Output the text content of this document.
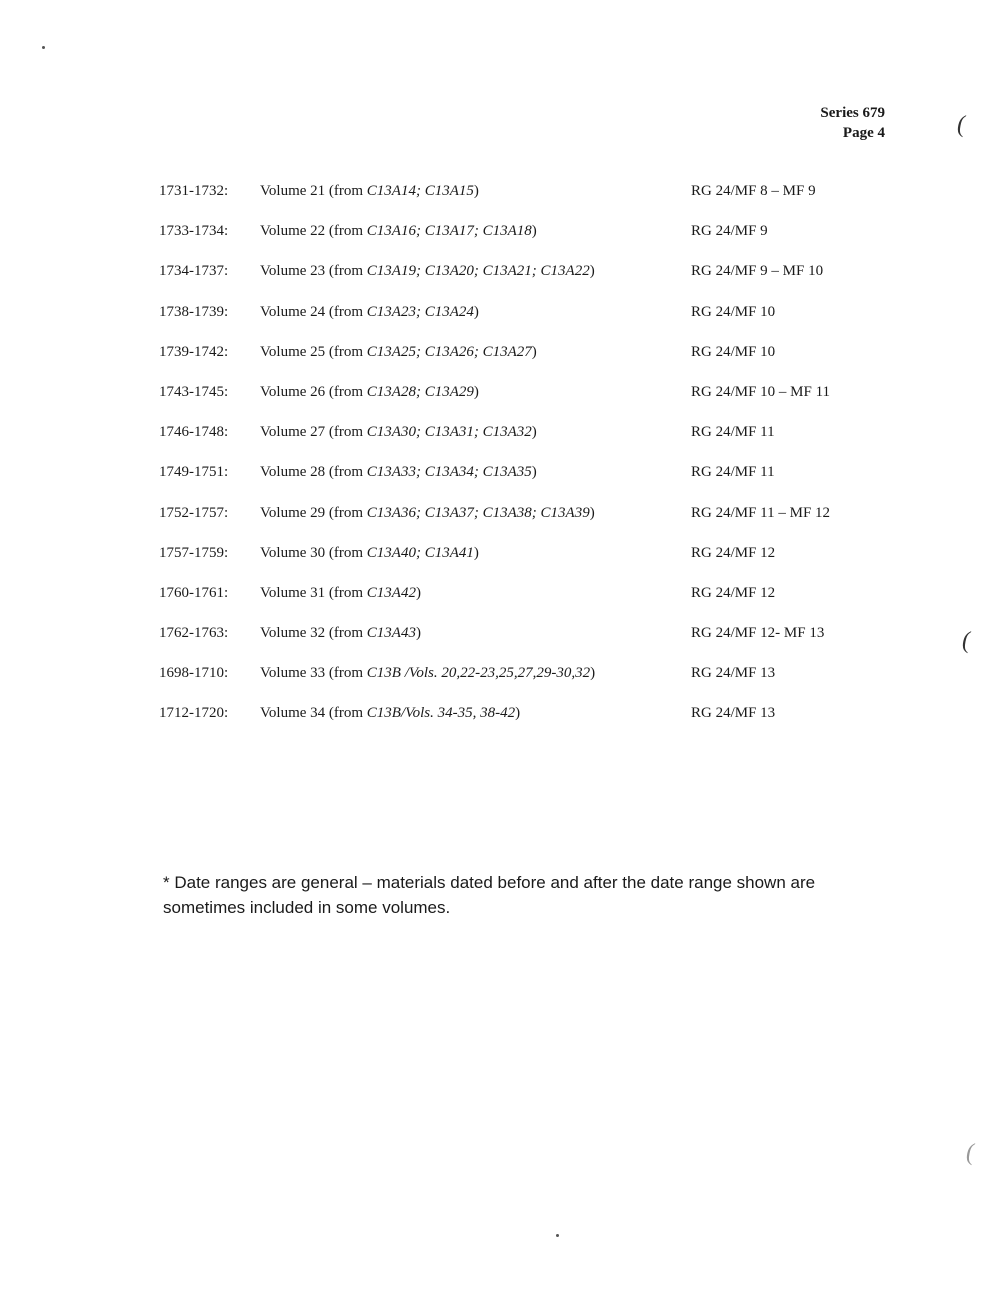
Series 679
Page 4
1731-1732: Volume 21 (from C13A14; C13A15)	RG 24/MF 8 – MF 9
1733-1734: Volume 22 (from C13A16; C13A17; C13A18)	RG 24/MF 9
1734-1737: Volume 23 (from C13A19; C13A20; C13A21; C13A22)	RG 24/MF 9 – MF 10
1738-1739: Volume 24 (from C13A23; C13A24)	RG 24/MF 10
1739-1742: Volume 25 (from C13A25; C13A26; C13A27)	RG 24/MF 10
1743-1745: Volume 26 (from C13A28; C13A29)	RG 24/MF 10 – MF 11
1746-1748: Volume 27 (from C13A30; C13A31; C13A32)	RG 24/MF 11
1749-1751: Volume 28 (from C13A33; C13A34; C13A35)	RG 24/MF 11
1752-1757: Volume 29 (from C13A36; C13A37; C13A38; C13A39)	RG 24/MF 11 – MF 12
1757-1759: Volume 30 (from C13A40; C13A41)	RG 24/MF 12
1760-1761: Volume 31 (from C13A42)	RG 24/MF 12
1762-1763: Volume 32 (from C13A43)	RG 24/MF 12- MF 13
1698-1710: Volume 33 (from C13B /Vols. 20,22-23,25,27,29-30,32)	RG 24/MF 13
1712-1720: Volume 34 (from C13B/Vols. 34-35, 38-42)	RG 24/MF 13
* Date ranges are general – materials dated before and after the date range shown are sometimes included in some volumes.
(
(
(
